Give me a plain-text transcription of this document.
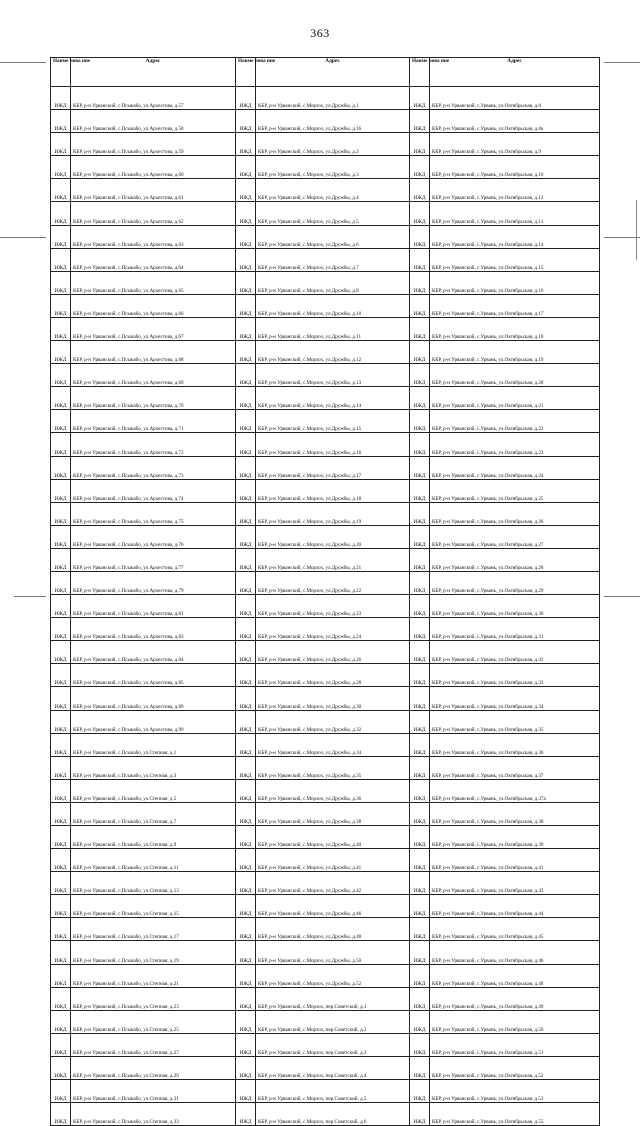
363
Наиме нова ние	Адрес	Наиме нова ние	Адрес	Наиме нова ние	Адрес
ИЖД	КБР, р-н Урванский, с.Псыкабо, ул.Архестова, д.57	ИЖД	КБР, р-н Урванский, с.Морзох, ул.Дружбы, д.1	ИЖД	КБР, р-н Урванский, с.Урвань, ул.Октябрьская, д.8
ИЖД	КБР, р-н Урванский, с.Псыкабо, ул.Архестова, д.58	ИЖД	КБР, р-н Урванский, с.Морзох, ул.Дружбы, д.16	ИЖД	КБР, р-н Урванский, с.Урвань, ул.Октябрьская, д.8а
ИЖД	КБР, р-н Урванский, с.Псыкабо, ул.Архестова, д.59	ИЖД	КБР, р-н Урванский, с.Морзох, ул.Дружбы, д.2	ИЖД	КБР, р-н Урванский, с.Урвань, ул.Октябрьская, д.9
ИЖД	КБР, р-н Урванский, с.Псыкабо, ул.Архестова, д.60	ИЖД	КБР, р-н Урванский, с.Морзох, ул.Дружбы, д.3	ИЖД	КБР, р-н Урванский, с.Урвань, ул.Октябрьская, д.10
ИЖД	КБР, р-н Урванский, с.Псыкабо, ул.Архестова, д.61	ИЖД	КБР, р-н Урванский, с.Морзох, ул.Дружбы, д.4	ИЖД	КБР, р-н Урванский, с.Урвань, ул.Октябрьская, д.12
ИЖД	КБР, р-н Урванский, с.Псыкабо, ул.Архестова, д.62	ИЖД	КБР, р-н Урванский, с.Морзох, ул.Дружбы, д.5	ИЖД	КБР, р-н Урванский, с.Урвань, ул.Октябрьская, д.13
ИЖД	КБР, р-н Урванский, с.Псыкабо, ул.Архестова, д.63	ИЖД	КБР, р-н Урванский, с.Морзох, ул.Дружбы, д.6	ИЖД	КБР, р-н Урванский, с.Урвань, ул.Октябрьская, д.14
ИЖД	КБР, р-н Урванский, с.Псыкабо, ул.Архестова, д.64	ИЖД	КБР, р-н Урванский, с.Морзох, ул.Дружбы, д.7	ИЖД	КБР, р-н Урванский, с.Урвань, ул.Октябрьская, д.15
ИЖД	КБР, р-н Урванский, с.Псыкабо, ул.Архестова, д.65	ИЖД	КБР, р-н Урванский, с.Морзох, ул.Дружбы, д.8	ИЖД	КБР, р-н Урванский, с.Урвань, ул.Октябрьская, д.16
ИЖД	КБР, р-н Урванский, с.Псыкабо, ул.Архестова, д.66	ИЖД	КБР, р-н Урванский, с.Морзох, ул.Дружбы, д.10	ИЖД	КБР, р-н Урванский, с.Урвань, ул.Октябрьская, д.17
ИЖД	КБР, р-н Урванский, с.Псыкабо, ул.Архестова, д.67	ИЖД	КБР, р-н Урванский, с.Морзох, ул.Дружбы, д.11	ИЖД	КБР, р-н Урванский, с.Урвань, ул.Октябрьская, д.18
ИЖД	КБР, р-н Урванский, с.Псыкабо, ул.Архестова, д.68	ИЖД	КБР, р-н Урванский, с.Морзох, ул.Дружбы, д.12	ИЖД	КБР, р-н Урванский, с.Урвань, ул.Октябрьская, д.19
ИЖД	КБР, р-н Урванский, с.Псыкабо, ул.Архестова, д.69	ИЖД	КБР, р-н Урванский, с.Морзох, ул.Дружбы, д.13	ИЖД	КБР, р-н Урванский, с.Урвань, ул.Октябрьская, д.20
ИЖД	КБР, р-н Урванский, с.Псыкабо, ул.Архестова, д.70	ИЖД	КБР, р-н Урванский, с.Морзох, ул.Дружбы, д.14	ИЖД	КБР, р-н Урванский, с.Урвань, ул.Октябрьская, д.21
ИЖД	КБР, р-н Урванский, с.Псыкабо, ул.Архестова, д.71	ИЖД	КБР, р-н Урванский, с.Морзох, ул.Дружбы, д.15	ИЖД	КБР, р-н Урванский, с.Урвань, ул.Октябрьская, д.22
ИЖД	КБР, р-н Урванский, с.Псыкабо, ул.Архестова, д.72	ИЖД	КБР, р-н Урванский, с.Морзох, ул.Дружбы, д.16	ИЖД	КБР, р-н Урванский, с.Урвань, ул.Октябрьская, д.23
ИЖД	КБР, р-н Урванский, с.Псыкабо, ул.Архестова, д.73	ИЖД	КБР, р-н Урванский, с.Морзох, ул.Дружбы, д.17	ИЖД	КБР, р-н Урванский, с.Урвань, ул.Октябрьская, д.24
ИЖД	КБР, р-н Урванский, с.Псыкабо, ул.Архестова, д.74	ИЖД	КБР, р-н Урванский, с.Морзох, ул.Дружбы, д.18	ИЖД	КБР, р-н Урванский, с.Урвань, ул.Октябрьская, д.25
ИЖД	КБР, р-н Урванский, с.Псыкабо, ул.Архестова, д.75	ИЖД	КБР, р-н Урванский, с.Морзох, ул.Дружбы, д.19	ИЖД	КБР, р-н Урванский, с.Урвань, ул.Октябрьская, д.26
ИЖД	КБР, р-н Урванский, с.Псыкабо, ул.Архестова, д.76	ИЖД	КБР, р-н Урванский, с.Морзох, ул.Дружбы, д.20	ИЖД	КБР, р-н Урванский, с.Урвань, ул.Октябрьская, д.27
ИЖД	КБР, р-н Урванский, с.Псыкабо, ул.Архестова, д.77	ИЖД	КБР, р-н Урванский, с.Морзох, ул.Дружбы, д.21	ИЖД	КБР, р-н Урванский, с.Урвань, ул.Октябрьская, д.28
ИЖД	КБР, р-н Урванский, с.Псыкабо, ул.Архестова, д.79	ИЖД	КБР, р-н Урванский, с.Морзох, ул.Дружбы, д.22	ИЖД	КБР, р-н Урванский, с.Урвань, ул.Октябрьская, д.29
ИЖД	КБР, р-н Урванский, с.Псыкабо, ул.Архестова, д.81	ИЖД	КБР, р-н Урванский, с.Морзох, ул.Дружбы, д.23	ИЖД	КБР, р-н Урванский, с.Урвань, ул.Октябрьская, д.30
ИЖД	КБР, р-н Урванский, с.Псыкабо, ул.Архестова, д.83	ИЖД	КБР, р-н Урванский, с.Морзох, ул.Дружбы, д.24	ИЖД	КБР, р-н Урванский, с.Урвань, ул.Октябрьская, д.31
ИЖД	КБР, р-н Урванский, с.Псыкабо, ул.Архестова, д.84	ИЖД	КБР, р-н Урванский, с.Морзох, ул.Дружбы, д.26	ИЖД	КБР, р-н Урванский, с.Урвань, ул.Октябрьская, д.32
ИЖД	КБР, р-н Урванский, с.Псыкабо, ул.Архестова, д.85	ИЖД	КБР, р-н Урванский, с.Морзох, ул.Дружбы, д.28	ИЖД	КБР, р-н Урванский, с.Урвань, ул.Октябрьская, д.33
ИЖД	КБР, р-н Урванский, с.Псыкабо, ул.Архестова, д.89	ИЖД	КБР, р-н Урванский, с.Морзох, ул.Дружбы, д.30	ИЖД	КБР, р-н Урванский, с.Урвань, ул.Октябрьская, д.34
ИЖД	КБР, р-н Урванский, с.Псыкабо, ул.Архестова, д.99	ИЖД	КБР, р-н Урванский, с.Морзох, ул.Дружбы, д.32	ИЖД	КБР, р-н Урванский, с.Урвань, ул.Октябрьская, д.35
ИЖД	КБР, р-н Урванский, с.Псыкабо, ул.Степная, д.1	ИЖД	КБР, р-н Урванский, с.Морзох, ул.Дружбы, д.34	ИЖД	КБР, р-н Урванский, с.Урвань, ул.Октябрьская, д.36
ИЖД	КБР, р-н Урванский, с.Псыкабо, ул.Степная, д.3	ИЖД	КБР, р-н Урванский, с.Морзох, ул.Дружбы, д.35	ИЖД	КБР, р-н Урванский, с.Урвань, ул.Октябрьская, д.37
ИЖД	КБР, р-н Урванский, с.Псыкабо, ул.Степная, д.5	ИЖД	КБР, р-н Урванский, с.Морзох, ул.Дружбы, д.36	ИЖД	КБР, р-н Урванский, с.Урвань, ул.Октябрьская, д.37а
ИЖД	КБР, р-н Урванский, с.Псыкабо, ул.Степная, д.7	ИЖД	КБР, р-н Урванский, с.Морзох, ул.Дружбы, д.38	ИЖД	КБР, р-н Урванский, с.Урвань, ул.Октябрьская, д.38
ИЖД	КБР, р-н Урванский, с.Псыкабо, ул.Степная, д.9	ИЖД	КБР, р-н Урванский, с.Морзох, ул.Дружбы, д.40	ИЖД	КБР, р-н Урванский, с.Урвань, ул.Октябрьская, д.39
ИЖД	КБР, р-н Урванский, с.Псыкабо, ул.Степная, д.11	ИЖД	КБР, р-н Урванский, с.Морзох, ул.Дружбы, д.41	ИЖД	КБР, р-н Урванский, с.Урвань, ул.Октябрьская, д.41
ИЖД	КБР, р-н Урванский, с.Псыкабо, ул.Степная, д.13	ИЖД	КБР, р-н Урванский, с.Морзох, ул.Дружбы, д.42	ИЖД	КБР, р-н Урванский, с.Урвань, ул.Октябрьская, д.43
ИЖД	КБР, р-н Урванский, с.Псыкабо, ул.Степная, д.15	ИЖД	КБР, р-н Урванский, с.Морзох, ул.Дружбы, д.46	ИЖД	КБР, р-н Урванский, с.Урвань, ул.Октябрьская, д.44
ИЖД	КБР, р-н Урванский, с.Псыкабо, ул.Степная, д.17	ИЖД	КБР, р-н Урванский, с.Морзох, ул.Дружбы, д.48	ИЖД	КБР, р-н Урванский, с.Урвань, ул.Октябрьская, д.45
ИЖД	КБР, р-н Урванский, с.Псыкабо, ул.Степная, д.19	ИЖД	КБР, р-н Урванский, с.Морзох, ул.Дружбы, д.50	ИЖД	КБР, р-н Урванский, с.Урвань, ул.Октябрьская, д.46
ИЖД	КБР, р-н Урванский, с.Псыкабо, ул.Степная, д.21	ИЖД	КБР, р-н Урванский, с.Морзох, ул.Дружбы, д.52	ИЖД	КБР, р-н Урванский, с.Урвань, ул.Октябрьская, д.48
ИЖД	КБР, р-н Урванский, с.Псыкабо, ул.Степная, д.23	ИЖД	КБР, р-н Урванский, с.Морзох, пер.Советский, д.1	ИЖД	КБР, р-н Урванский, с.Урвань, ул.Октябрьская, д.49
ИЖД	КБР, р-н Урванский, с.Псыкабо, ул.Степная, д.25	ИЖД	КБР, р-н Урванский, с.Морзох, пер.Советский, д.2	ИЖД	КБР, р-н Урванский, с.Урвань, ул.Октябрьская, д.50
ИЖД	КБР, р-н Урванский, с.Псыкабо, ул.Степная, д.27	ИЖД	КБР, р-н Урванский, с.Морзох, пер.Советский, д.3	ИЖД	КБР, р-н Урванский, с.Урвань, ул.Октябрьская, д.51
ИЖД	КБР, р-н Урванский, с.Псыкабо, ул.Степная, д.29	ИЖД	КБР, р-н Урванский, с.Морзох, пер.Советский, д.4	ИЖД	КБР, р-н Урванский, с.Урвань, ул.Октябрьская, д.52
ИЖД	КБР, р-н Урванский, с.Псыкабо, ул.Степная, д.31	ИЖД	КБР, р-н Урванский, с.Морзох, пер.Советский, д.5	ИЖД	КБР, р-н Урванский, с.Урвань, ул.Октябрьская, д.53
ИЖД	КБР, р-н Урванский, с.Псыкабо, ул.Степная, д.33	ИЖД	КБР, р-н Урванский, с.Морзох, пер.Советский, д.6	ИЖД	КБР, р-н Урванский, с.Урвань, ул.Октябрьская, д.55
